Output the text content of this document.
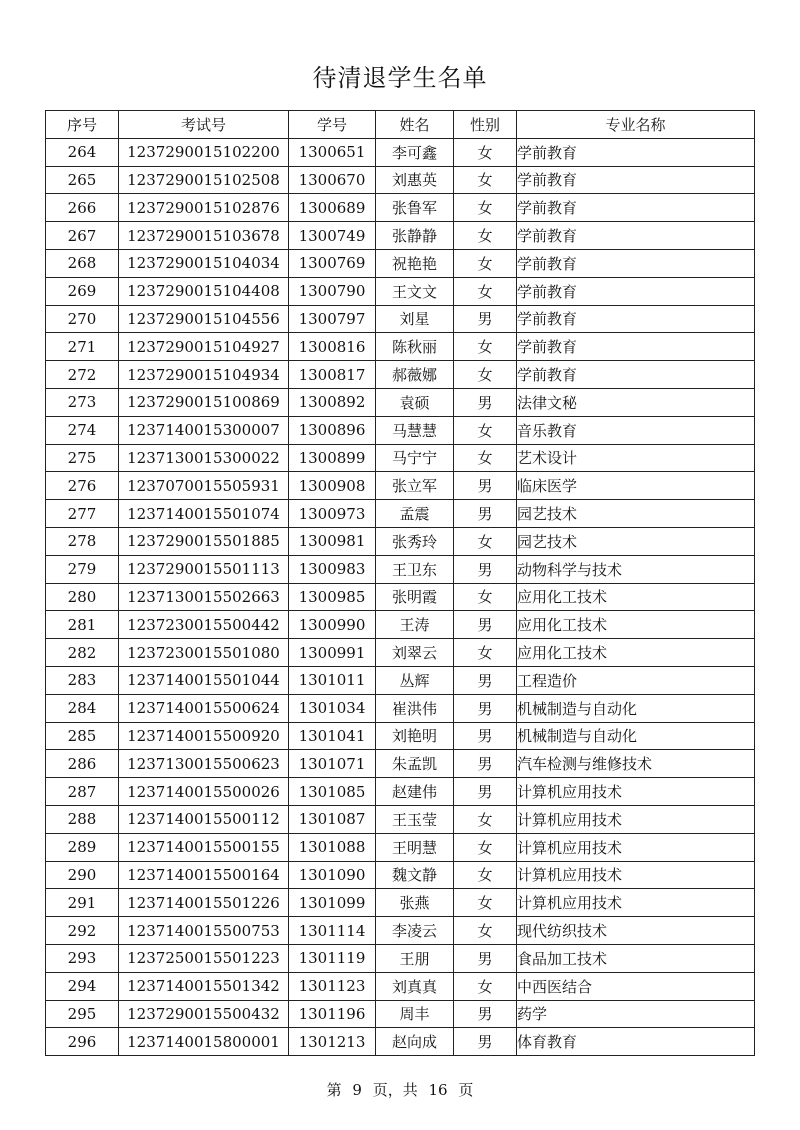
待清退学生名单
序号	考试号	学号	姓名	性别	专业名称
264	1237290015102200	1300651	李可鑫	女	学前教育
265	1237290015102508	1300670	刘惠英	女	学前教育
266	1237290015102876	1300689	张鲁军	女	学前教育
267	1237290015103678	1300749	张静静	女	学前教育
268	1237290015104034	1300769	祝艳艳	女	学前教育
269	1237290015104408	1300790	王文文	女	学前教育
270	1237290015104556	1300797	刘星	男	学前教育
271	1237290015104927	1300816	陈秋丽	女	学前教育
272	1237290015104934	1300817	郝薇娜	女	学前教育
273	1237290015100869	1300892	袁硕	男	法律文秘
274	1237140015300007	1300896	马慧慧	女	音乐教育
275	1237130015300022	1300899	马宁宁	女	艺术设计
276	1237070015505931	1300908	张立军	男	临床医学
277	1237140015501074	1300973	孟震	男	园艺技术
278	1237290015501885	1300981	张秀玲	女	园艺技术
279	1237290015501113	1300983	王卫东	男	动物科学与技术
280	1237130015502663	1300985	张明霞	女	应用化工技术
281	1237230015500442	1300990	王涛	男	应用化工技术
282	1237230015501080	1300991	刘翠云	女	应用化工技术
283	1237140015501044	1301011	丛辉	男	工程造价
284	1237140015500624	1301034	崔洪伟	男	机械制造与自动化
285	1237140015500920	1301041	刘艳明	男	机械制造与自动化
286	1237130015500623	1301071	朱孟凯	男	汽车检测与维修技术
287	1237140015500026	1301085	赵建伟	男	计算机应用技术
288	1237140015500112	1301087	王玉莹	女	计算机应用技术
289	1237140015500155	1301088	王明慧	女	计算机应用技术
290	1237140015500164	1301090	魏文静	女	计算机应用技术
291	1237140015501226	1301099	张燕	女	计算机应用技术
292	1237140015500753	1301114	李凌云	女	现代纺织技术
293	1237250015501223	1301119	王朋	男	食品加工技术
294	1237140015501342	1301123	刘真真	女	中西医结合
295	1237290015500432	1301196	周丰	男	药学
296	1237140015800001	1301213	赵向成	男	体育教育
第 9 页，共 16 页
